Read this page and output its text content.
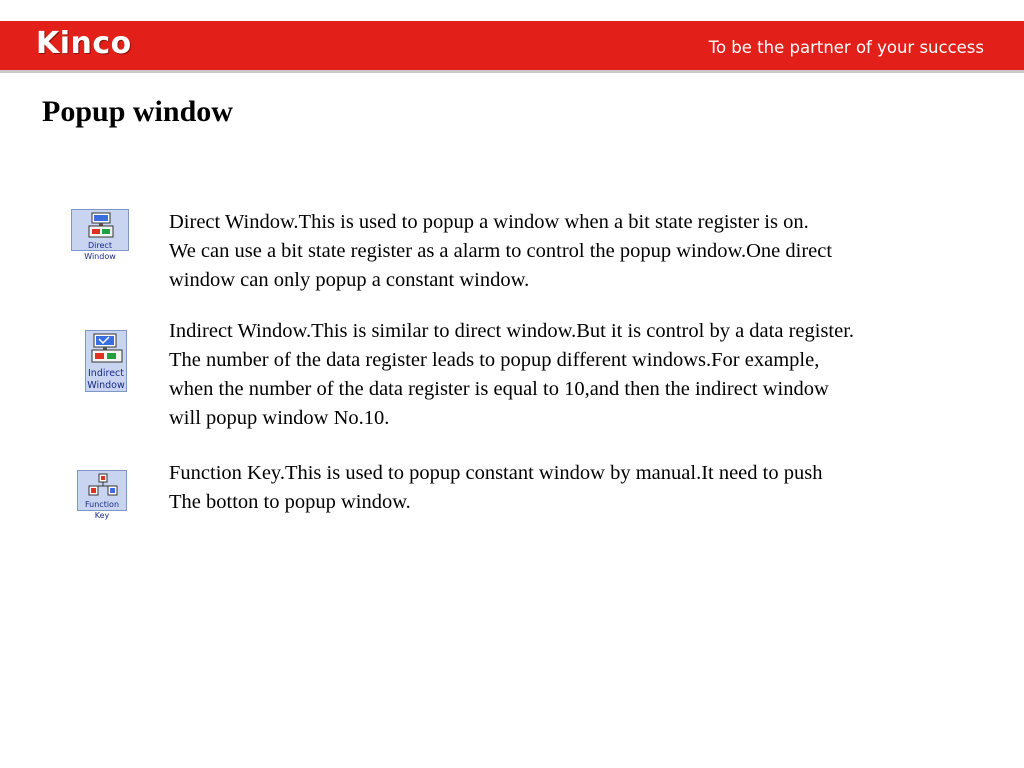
Kinco	To be the partner of your success
Popup window
Direct Window

Direct Window.This is used to popup a window when a bit state register is on.
We can use a bit state register as a alarm to control the popup window.One direct
window can only popup a constant window.

Indirect
Window

Indirect Window.This is similar to direct window.But it is control by a data register.
The number of the data register leads to popup different windows.For example,
when the number of the data register is equal to 10,and then the indirect window
will popup window No.10.

Function Key

Function Key.This is used to popup constant window by manual.It need to push
The botton to popup window.
